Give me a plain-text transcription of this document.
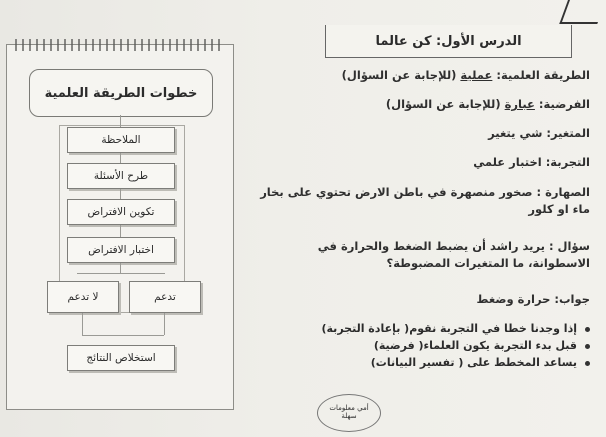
خطوات الطريقة العلمية
الملاحظة
طرح الأسئلة
تكوين الافتراض
اختبار الافتراض
لا تدعم	تدعم
استخلاص النتائج
الدرس الأول: كن عالما
الطريقة العلمية: عملية (للإجابة عن السؤال)
الفرضية: عبارة (للإجابة عن السؤال)
المتغير: شي يتغير
التجربة: اختبار علمي
الصهارة : صخور منصهرة في باطن الارض تحتوي على بخار ماء او كلور
سؤال : يريد راشد أن يضبط الضغط والحرارة في الاسطوانة، ما المتغيرات المضبوطة؟
جواب: حرارة وضغط
إذا وجدنا خطا في التجربة نقوم( بإعادة التجربة)
قبل بدء التجربة يكون العلماء( فرضية)
يساعد المخطط على ( تفسير البيانات)
أمي معلومات
سهلة
